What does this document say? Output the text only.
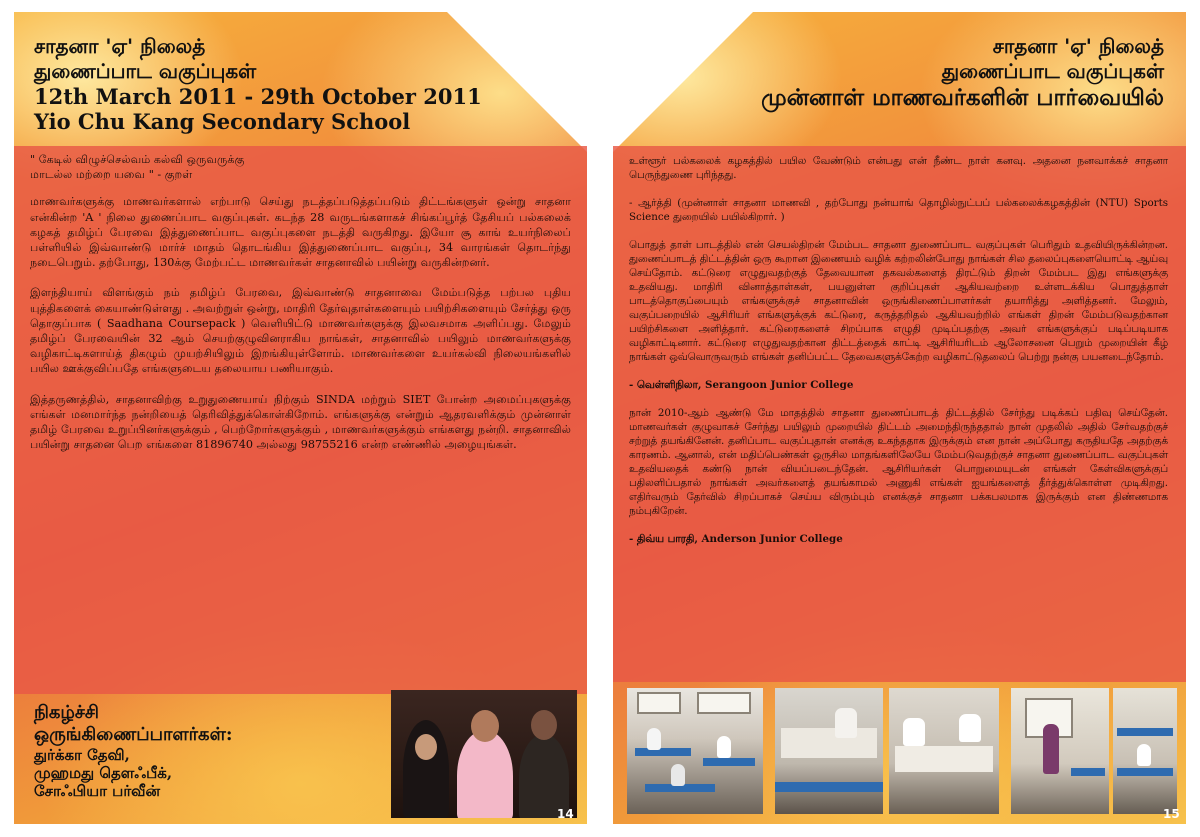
சாதனா 'ஏ' நிலைத்
துணைப்பாட வகுப்புகள்
12th March 2011 - 29th October 2011
Yio Chu Kang Secondary School

" கேடில் விழுச்செல்வம் கல்வி ஒருவருக்கு
மாடல்ல மற்றை யவை " - குறள்

மாணவர்களுக்கு மாணவர்களால் எற்பாடு செய்து நடத்தப்படுத்தப்படும் திட்டங்களுள் ஒன்று சாதனா என்கின்ற 'A ' நிலை துணைப்பாட வகுப்புகள். கடந்த 28 வருடங்களாகச் சிங்கப்பூர்த் தேசியப் பல்கலைக் கழகத் தமிழ்ப் பேரவை இத்துணைப்பாட வகுப்புகளை நடத்தி வருகிறது. இயோ சூ காங் உயர்நிலைப் பள்ளியில் இவ்வாண்டு மார்ச் மாதம் தொடங்கிய இத்துணைப்பாட வகுப்பு, 34 வாரங்கள் தொடர்ந்து நடைபெறும். தற்போது, 130க்கு மேற்பட்ட மாணவர்கள் சாதனாவில் பயின்று வருகின்றனர்.

இளந்தியாய் விளங்கும் நம் தமிழ்ப் பேரவை, இவ்வாண்டு சாதனாவை மேம்படுத்த பற்பல புதிய யுத்திகளைக் கையாண்டுள்ளது . அவற்றுள் ஒன்று, மாதிரி தேர்வுதாள்களையும் பயிற்சிகளையும் சேர்த்து ஒரு தொகுப்பாக ( Saadhana Coursepack ) வெளியிட்டு மாணவர்களுக்கு இலவசமாக அளிப்பது. மேலும் தமிழ்ப் பேரவையின் 32 ஆம் செயற்குழுவினராகிய நாங்கள், சாதனாவில் பயிலும் மாணவர்களுக்கு வழிகாட்டிகளாய்த் திகழும் முயற்சியிலும் இறங்கியுள்ளோம். மாணவர்களை உயர்கல்வி நிலையங்களில் பயில ஊக்குவிப்பதே எங்களுடைய தலையாய பணியாகும்.

இத்தருணத்தில், சாதனாவிற்கு உறுதுணையாய் நிற்கும் SINDA மற்றும் SIET போன்ற அமைப்புகளுக்கு எங்கள் மனமார்ந்த நன்றியைத் தெரிவித்துக்கொள்கிறோம். எங்களுக்கு என்றும் ஆதரவளிக்கும் முன்னாள் தமிழ் பேரவை உறுப்பினர்களுக்கும் , பெற்றோர்களுக்கும் , மாணவர்களுக்கும் எங்களது நன்றி. சாதனாவில் பயின்று சாதனை பெற எங்களை 81896740 அல்லது 98755216 என்ற எண்ணில் அழையுங்கள்.

நிகழ்ச்சி
ஒருங்கிணைப்பாளர்கள்:
துர்க்கா தேவி,
முஹமது தௌஃபீக்,
சோஃபியா பர்வீன்
14
சாதனா 'ஏ' நிலைத்
துணைப்பாட வகுப்புகள்
முன்னாள் மாணவர்களின் பார்வையில்

உள்ளூர் பல்கலைக் கழகத்தில் பயில வேண்டும் என்பது என் நீண்ட நாள் கனவு. அதனை நனவாக்கச் சாதனா பெருந்துணை புரிந்தது.

- ஆர்த்தி (முன்னாள் சாதனா மாணவி , தற்போது நன்யாங் தொழில்நுட்பப் பல்கலைக்கழகத்தின் (NTU) Sports Science துறையில் பயில்கிறார். )

பொதுத் தாள் பாடத்தில் என் செயல்திறன் மேம்பட சாதனா துணைப்பாட வகுப்புகள் பெரிதும் உதவியிருக்கின்றன. துணைப்பாடத் திட்டத்தின் ஒரு கூறான இணையம் வழிக் கற்றலின்போது நாங்கள் சில தலைப்புகளையொட்டி ஆய்வு செய்தோம். கட்டுரை எழுதுவதற்குத் தேவையான தகவல்களைத் திரட்டும் திறன் மேம்பட இது எங்களுக்கு உதவியது. மாதிரி வினாத்தாள்கள், பயனுள்ள குறிப்புகள் ஆகியவற்றை உள்ளடக்கிய பொதுத்தாள் பாடத்தொகுப்பையும் எங்களுக்குச் சாதனாவின் ஒருங்கிணைப்பாளர்கள் தயாரித்து அளித்தனர். மேலும், வகுப்பறையில் ஆசிரியர் எங்களுக்குக் கட்டுரை, கருத்தறிதல் ஆகியவற்றில் எங்கள் திறன் மேம்படுவதற்கான பயிற்சிகளை அளித்தார். கட்டுரைகளைச் சிறப்பாக எழுதி முடிப்பதற்கு அவர் எங்களுக்குப் படிப்படியாக வழிகாட்டினார். கட்டுரை எழுதுவதற்கான திட்டத்தைக் காட்டி ஆசிரியரிடம் ஆலோசனை பெறும் முறையின் கீழ் நாங்கள் ஒவ்வொருவரும் எங்கள் தனிப்பட்ட தேவைகளுக்கேற்ற வழிகாட்டுதலைப் பெற்று நன்கு பயனடைந்தோம்.

- வெள்ளிநிலா, Serangoon Junior College

நான் 2010-ஆம் ஆண்டு மே மாதத்தில் சாதனா துணைப்பாடத் திட்டத்தில் சேர்ந்து படிக்கப் பதிவு செய்தேன். மாணவர்கள் குழுவாகச் சேர்ந்து பயிலும் முறையில் திட்டம் அமைந்திருந்ததால் நான் முதலில் அதில் சேர்வதற்குச் சற்றுத் தயங்கினேன். தனிப்பாட வகுப்புதான் எனக்கு உகந்ததாக இருக்கும் என நான் அப்போது கருதியதே அதற்குக் காரணம். ஆனால், என் மதிப்பெண்கள் ஒருசில மாதங்களிலேயே மேம்படுவதற்குச் சாதனா துணைப்பாட வகுப்புகள் உதவியதைக் கண்டு நான் வியப்படைந்தேன். ஆசிரியர்கள் பொறுமையுடன் எங்கள் கேள்விகளுக்குப் பதிலளிப்பதால் நாங்கள் அவர்களைத் தயங்காமல் அணுகி எங்கள் ஐயங்களைத் தீர்த்துக்கொள்ள முடிகிறது. எதிர்வரும் தேர்வில் சிறப்பாகச் செய்ய விரும்பும் எனக்குச் சாதனா பக்கபலமாக இருக்கும் என திண்ணமாக நம்புகிறேன்.

- திவ்ய பாரதி, Anderson Junior College

15
